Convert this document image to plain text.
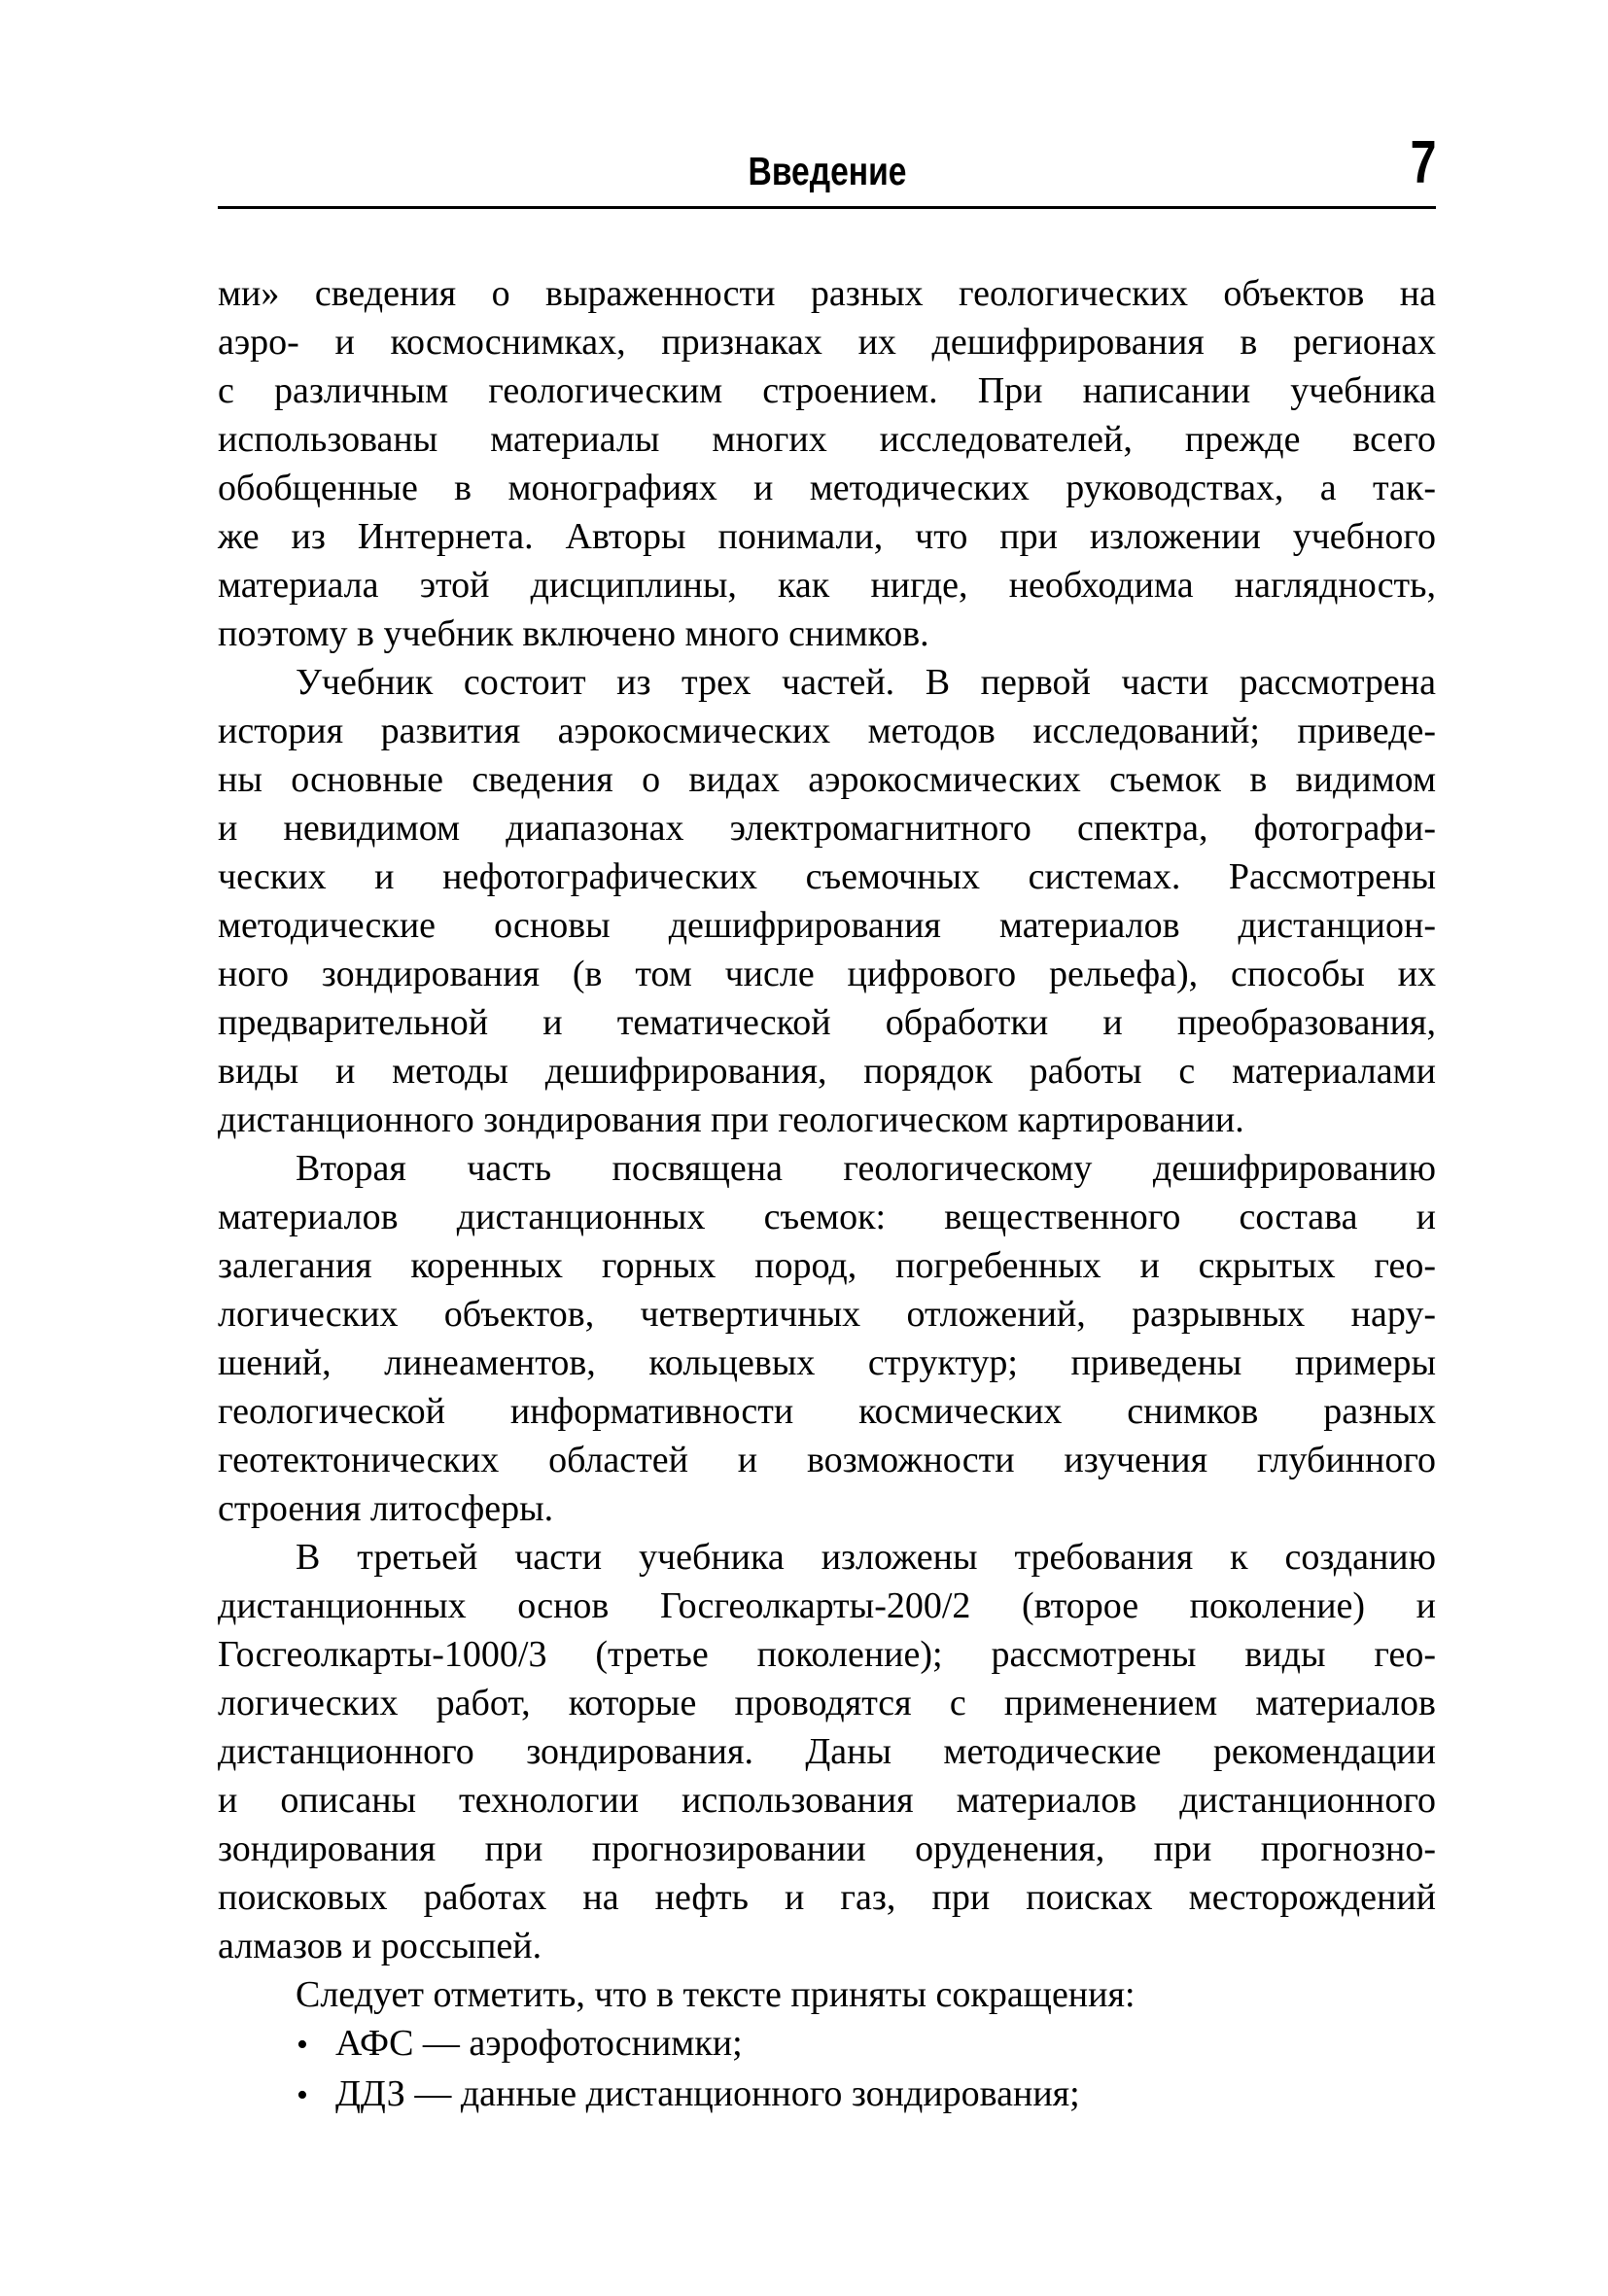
Введение	7
ми» сведения о выраженности разных геологических объектов на
аэро- и космоснимках, признаках их дешифрирования в регионах
с различным геологическим строением. При написании учебника
использованы материалы многих исследователей, прежде всего
обобщенные в монографиях и методических руководствах, а так-
же из Интернета. Авторы понимали, что при изложении учебного
материала этой дисциплины, как нигде, необходима наглядность,
поэтому в учебник включено много снимков.
Учебник состоит из трех частей. В первой части рассмотрена
история развития аэрокосмических методов исследований; приведе-
ны основные сведения о видах аэрокосмических съемок в видимом
и невидимом диапазонах электромагнитного спектра, фотографи-
ческих и нефотографических съемочных системах. Рассмотрены
методические основы дешифрирования материалов дистанцион-
ного зондирования (в том числе цифрового рельефа), способы их
предварительной и тематической обработки и преобразования,
виды и методы дешифрирования, порядок работы с материалами
дистанционного зондирования при геологическом картировании.
Вторая часть посвящена геологическому дешифрированию
материалов дистанционных съемок: вещественного состава и
залегания коренных горных пород, погребенных и скрытых гео-
логических объектов, четвертичных отложений, разрывных нару-
шений, линеаментов, кольцевых структур; приведены примеры
геологической информативности космических снимков разных
геотектонических областей и возможности изучения глубинного
строения литосферы.
В третьей части учебника изложены требования к созданию
дистанционных основ Госгеолкарты-200/2 (второе поколение) и
Госгеолкарты-1000/3 (третье поколение); рассмотрены виды гео-
логических работ, которые проводятся с применением материалов
дистанционного зондирования. Даны методические рекомендации
и описаны технологии использования материалов дистанционного
зондирования при прогнозировании оруденения, при прогнозно-
поисковых работах на нефть и газ, при поисках месторождений
алмазов и россыпей.
Следует отметить, что в тексте приняты сокращения:
• АФС — аэрофотоснимки;
• ДДЗ — данные дистанционного зондирования;
